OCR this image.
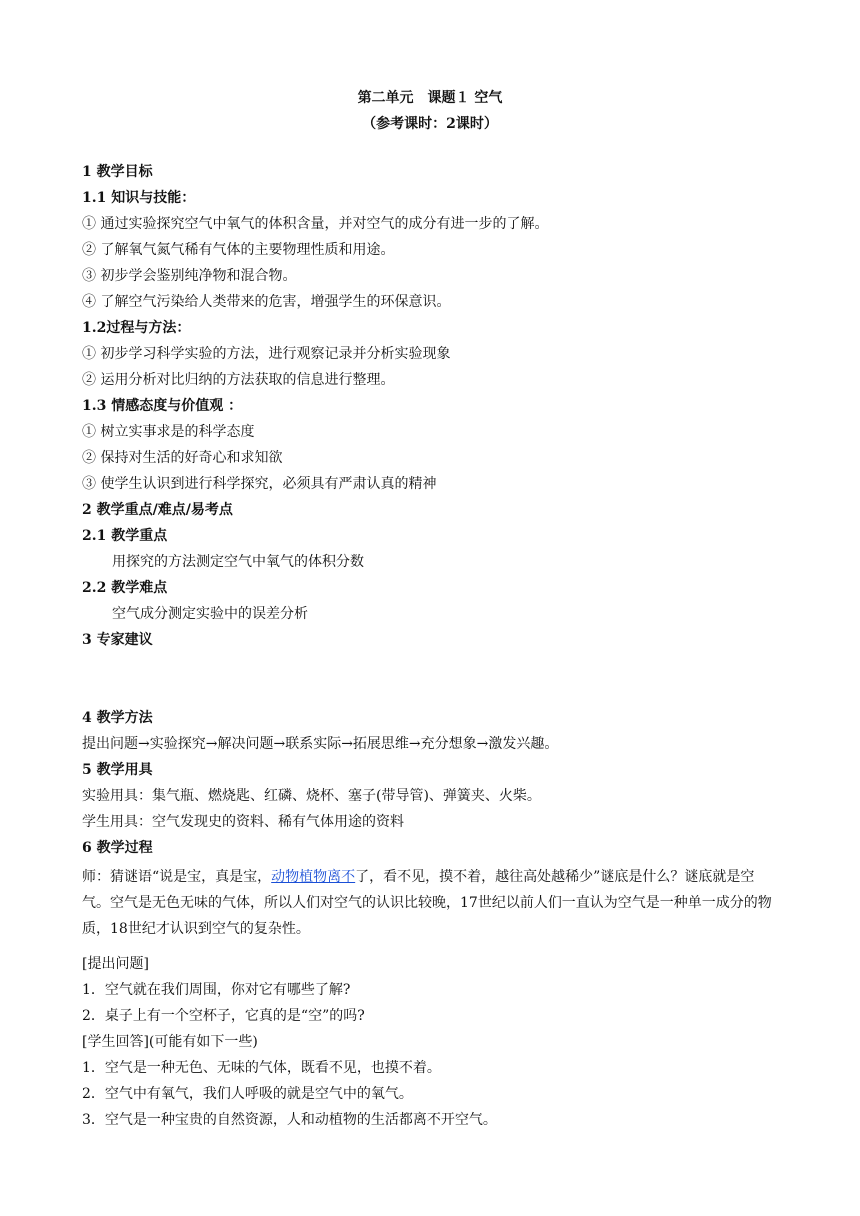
第二单元　课题１ 空气
（参考课时：2课时）
1 教学目标
1.1 知识与技能：
① 通过实验探究空气中氧气的体积含量，并对空气的成分有进一步的了解。
② 了解氧气氮气稀有气体的主要物理性质和用途。
③ 初步学会鉴别纯净物和混合物。
④ 了解空气污染给人类带来的危害，增强学生的环保意识。
1.2过程与方法：
① 初步学习科学实验的方法，进行观察记录并分析实验现象
② 运用分析对比归纳的方法获取的信息进行整理。
1.3 情感态度与价值观 ：
① 树立实事求是的科学态度
② 保持对生活的好奇心和求知欲
③ 使学生认识到进行科学探究，必须具有严肃认真的精神
2 教学重点/难点/易考点
2.1 教学重点
用探究的方法测定空气中氧气的体积分数
2.2 教学难点
空气成分测定实验中的误差分析
3 专家建议
4 教学方法
提出问题→实验探究→解决问题→联系实际→拓展思维→充分想象→激发兴趣。
5 教学用具
实验用具：集气瓶、燃烧匙、红磷、烧杯、塞子(带导管)、弹簧夹、火柴。
学生用具：空气发现史的资料、稀有气体用途的资料
6 教学过程
师：猜谜语“说是宝，真是宝，动物植物离不了，看不见，摸不着，越往高处越稀少”谜底是什么？谜底就是空气。空气是无色无味的气体，所以人们对空气的认识比较晚，17世纪以前人们一直认为空气是一种单一成分的物质，18世纪才认识到空气的复杂性。
[提出问题]
1．空气就在我们周围，你对它有哪些了解?
2．桌子上有一个空杯子，它真的是“空”的吗?
[学生回答](可能有如下一些)
1．空气是一种无色、无味的气体，既看不见，也摸不着。
2．空气中有氧气，我们人呼吸的就是空气中的氧气。
3．空气是一种宝贵的自然资源，人和动植物的生活都离不开空气。
